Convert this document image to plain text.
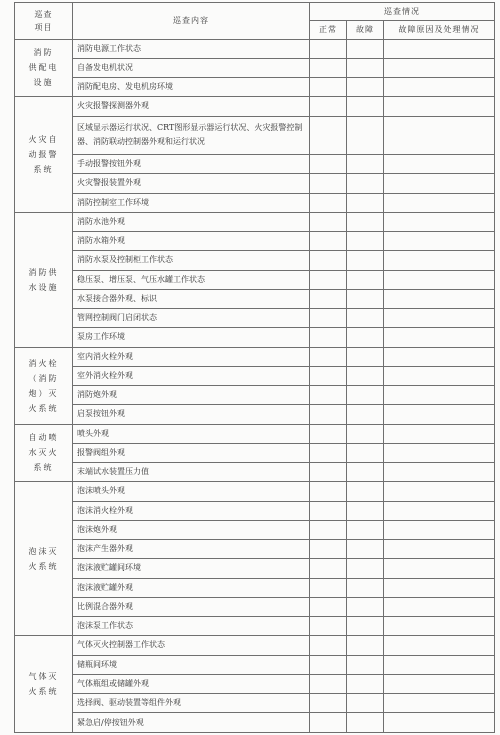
巡查
项目	巡查内容	巡查情况		
		正常	故障	故障原因及处理情况
消防
供配电
设施	消防电源工作状态			
	自备发电机状况			
	消防配电房、发电机房环境			
火灾自
动报警
系统	火灾报警探测器外观			
	区域显示器运行状况、CRT图形显示器运行状况、火灾报警控制器、消防联动控制器外观和运行状况			
	手动报警按钮外观			
	火灾警报装置外观			
	消防控制室工作环境			
消防供
水设施	消防水池外观			
	消防水箱外观			
	消防水泵及控制柜工作状态			
	稳压泵、增压泵、气压水罐工作状态			
	水泵接合器外观、标识			
	管网控制阀门启闭状态			
	泵房工作环境			
消火栓
（消防
炮）灭
火系统	室内消火栓外观			
	室外消火栓外观			
	消防炮外观			
	启泵按钮外观			
自动喷
水灭火
系统	喷头外观			
	报警阀组外观			
	末端试水装置压力值			
泡沫灭
火系统	泡沫喷头外观			
	泡沫消火栓外观			
	泡沫炮外观			
	泡沫产生器外观			
	泡沫液贮罐间环境			
	泡沫液贮罐外观			
	比例混合器外观			
	泡沫泵工作状态			
气体灭
火系统	气体灭火控制器工作状态			
	储瓶间环境			
	气体瓶组或储罐外观			
	选择阀、驱动装置等组件外观			
	紧急启/停按钮外观			
